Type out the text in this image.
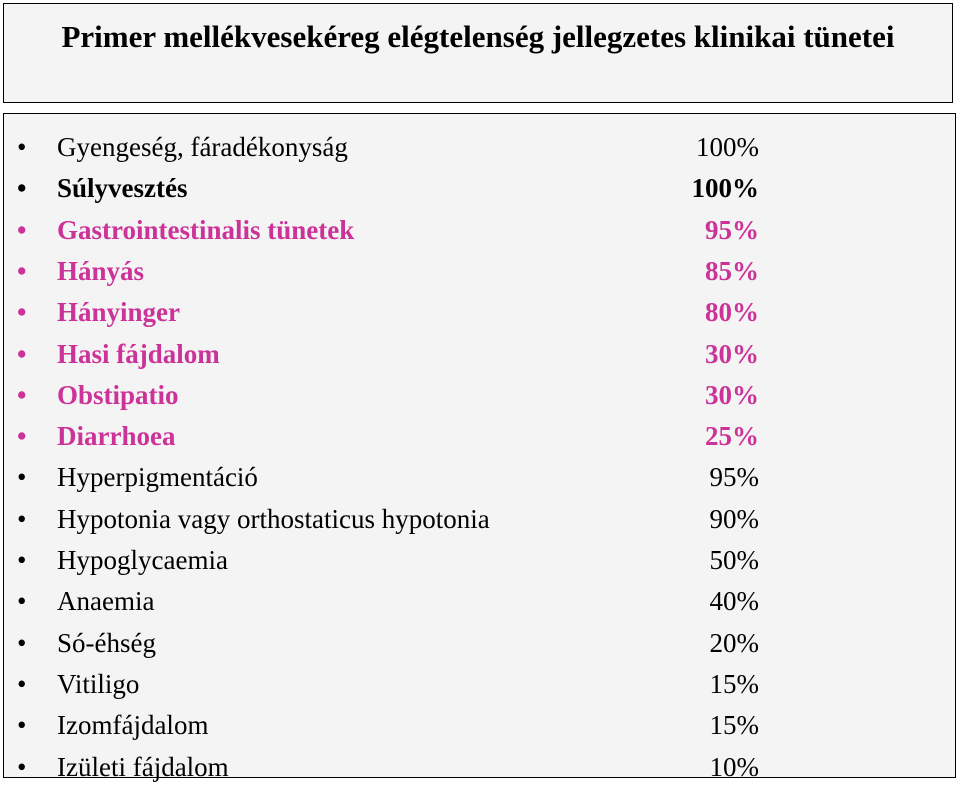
Primer mellékvesekéreg elégtelenség jellegzetes klinikai tünetei
• Gyengeség, fáradékonyság	100%
• Súlyvesztés	100%
• Gastrointestinalis tünetek	95%
• Hányás	85%
• Hányinger	80%
• Hasi fájdalom	30%
• Obstipatio	30%
• Diarrhoea	25%
• Hyperpigmentáció	95%
• Hypotonia vagy orthostaticus hypotonia	90%
• Hypoglycaemia	50%
• Anaemia	40%
• Só-éhség	20%
• Vitiligo	15%
• Izomfájdalom	15%
• Izületi fájdalom	10%
